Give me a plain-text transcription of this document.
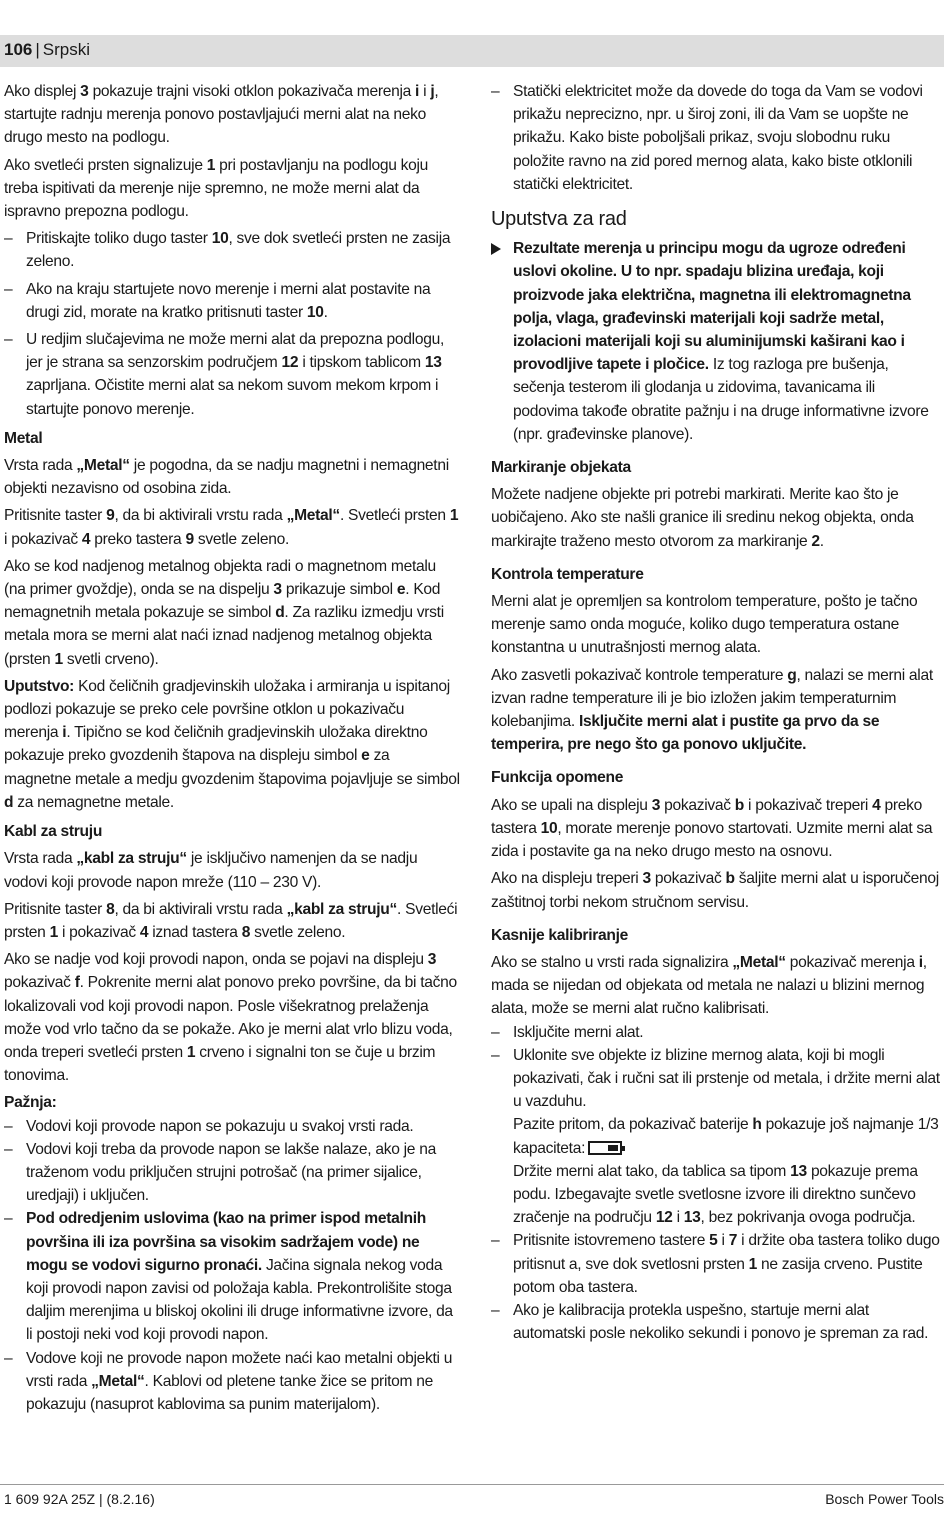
106 | Srpski

Ako displej 3 pokazuje trajni visoki otklon pokazivača merenja i i j, startujte radnju merenja ponovo postavljajući merni alat na neko drugo mesto na podlogu.

Ako svetleći prsten signalizuje 1 pri postavljanju na podlogu koju treba ispitivati da merenje nije spremno, ne može merni alat da ispravno prepozna podlogu.

– Pritiskajte toliko dugo taster 10, sve dok svetleći prsten ne zasija zeleno.

– Ako na kraju startujete novo merenje i merni alat postavite na drugi zid, morate na kratko pritisnuti taster 10.

– U redjim slučajevima ne može merni alat da prepozna podlogu, jer je strana sa senzorskim područjem 12 i tipskom tablicom 13 zaprljana. Očistite merni alat sa nekom suvom mekom krpom i startujte ponovo merenje.

Metal

Vrsta rada „Metal“ je pogodna, da se nadju magnetni i nemagnetni objekti nezavisno od osobina zida.

Pritisnite taster 9, da bi aktivirali vrstu rada „Metal“. Svetleći prsten 1 i pokazivač 4 preko tastera 9 svetle zeleno.

Ako se kod nadjenog metalnog objekta radi o magnetnom metalu (na primer gvoždje), onda se na dispelju 3 prikazuje simbol e. Kod nemagnetnih metala pokazuje se simbol d. Za razliku izmedju vrsti metala mora se merni alat naći iznad nadjenog metalnog objekta (prsten 1 svetli crveno).

Uputstvo: Kod čeličnih gradjevinskih uložaka i armiranja u ispitanoj podlozi pokazuje se preko cele površine otklon u pokazivaču merenja i. Tipično se kod čeličnih gradjevinskih uložaka direktno pokazuje preko gvozdenih štapova na displeju simbol e za magnetne metale a medju gvozdenim štapovima pojavljuje se simbol d za nemagnetne metale.

Kabl za struju

Vrsta rada „kabl za struju“ je isključivo namenjen da se nadju vodovi koji provode napon mreže (110 – 230 V).

Pritisnite taster 8, da bi aktivirali vrstu rada „kabl za struju“. Svetleći prsten 1 i pokazivač 4 iznad tastera 8 svetle zeleno.

Ako se nadje vod koji provodi napon, onda se pojavi na displeju 3 pokazivač f. Pokrenite merni alat ponovo preko površine, da bi tačno lokalizovali vod koji provodi napon. Posle višekratnog prelaženja može vod vrlo tačno da se pokaže. Ako je merni alat vrlo blizu voda, onda treperi svetleći prsten 1 crveno i signalni ton se čuje u brzim tonovima.

Pažnja:

– Vodovi koji provode napon se pokazuju u svakoj vrsti rada.

– Vodovi koji treba da provode napon se lakše nalaze, ako je na traženom vodu priključen strujni potrošač (na primer sijalice, uredjaji) i uključen.

– Pod odredjenim uslovima (kao na primer ispod metalnih površina ili iza površina sa visokim sadržajem vode) ne mogu se vodovi sigurno pronaći. Jačina signala nekog voda koji provodi napon zavisi od položaja kabla. Prekontrolišite stoga daljim merenjima u bliskoj okolini ili druge informativne izvore, da li postoji neki vod koji provodi napon.

– Vodove koji ne provode napon možete naći kao metalni objekti u vrsti rada „Metal“. Kablovi od pletene tanke žice se pritom ne pokazuju (nasuprot kablovima sa punim materijalom).

– Statički elektricitet može da dovede do toga da Vam se vodovi prikažu neprecizno, npr. u široj zoni, ili da Vam se uopšte ne prikažu. Kako biste poboljšali prikaz, svoju slobodnu ruku položite ravno na zid pored mernog alata, kako biste otklonili statički elektricitet.

Uputstva za rad
Rezultate merenja u principu mogu da ugroze određeni uslovi okoline. U to npr. spadaju blizina uređaja, koji proizvode jaka električna, magnetna ili elektromagnetna polja, vlaga, građevinski materijali koji sadrže metal, izolacioni materijali koji su aluminijumski kaširani kao i provodljive tapete i pločice. Iz tog razloga pre bušenja, sečenja testerom ili glodanja u zidovima, tavanicama ili podovima takođe obratite pažnju i na druge informativne izvore (npr. građevinske planove).
Markiranje objekata

Možete nadjene objekte pri potrebi markirati. Merite kao što je uobičajeno. Ako ste našli granice ili sredinu nekog objekta, onda markirajte traženo mesto otvorom za markiranje 2.

Kontrola temperature

Merni alat je opremljen sa kontrolom temperature, pošto je tačno merenje samo onda moguće, koliko dugo temperatura ostane konstantna u unutrašnjosti mernog alata.

Ako zasvetli pokazivač kontrole temperature g, nalazi se merni alat izvan radne temperature ili je bio izložen jakim temperaturnim kolebanjima. Isključite merni alat i pustite ga prvo da se temperira, pre nego što ga ponovo uključite.

Funkcija opomene

Ako se upali na displeju 3 pokazivač b i pokazivač treperi 4 preko tastera 10, morate merenje ponovo startovati. Uzmite merni alat sa zida i postavite ga na neko drugo mesto na osnovu.

Ako na displeju treperi 3 pokazivač b šaljite merni alat u isporučenoj zaštitnoj torbi nekom stručnom servisu.

Kasnije kalibriranje

Ako se stalno u vrsti rada signalizira „Metal“ pokazivač merenja i, mada se nijedan od objekata od metala ne nalazi u blizini mernog alata, može se merni alat ručno kalibrisati.

– Isključite merni alat.

– Uklonite sve objekte iz blizine mernog alata, koji bi mogli pokazivati, čak i ručni sat ili prstenje od metala, i držite merni alat u vazduhu.
Pazite pritom, da pokazivač baterije h pokazuje još najmanje 1/3 kapaciteta:
Držite merni alat tako, da tablica sa tipom 13 pokazuje prema podu. Izbegavajte svetle svetlosne izvore ili direktno sunčevo zračenje na području 12 i 13, bez pokrivanja ovoga područja.

– Pritisnite istovremeno tastere 5 i 7 i držite oba tastera toliko dugo pritisnut a, sve dok svetlosni prsten 1 ne zasija crveno. Pustite potom oba tastera.

– Ako je kalibracija protekla uspešno, startuje merni alat automatski posle nekoliko sekundi i ponovo je spreman za rad.

1 609 92A 25Z | (8.2.16)	Bosch Power Tools
